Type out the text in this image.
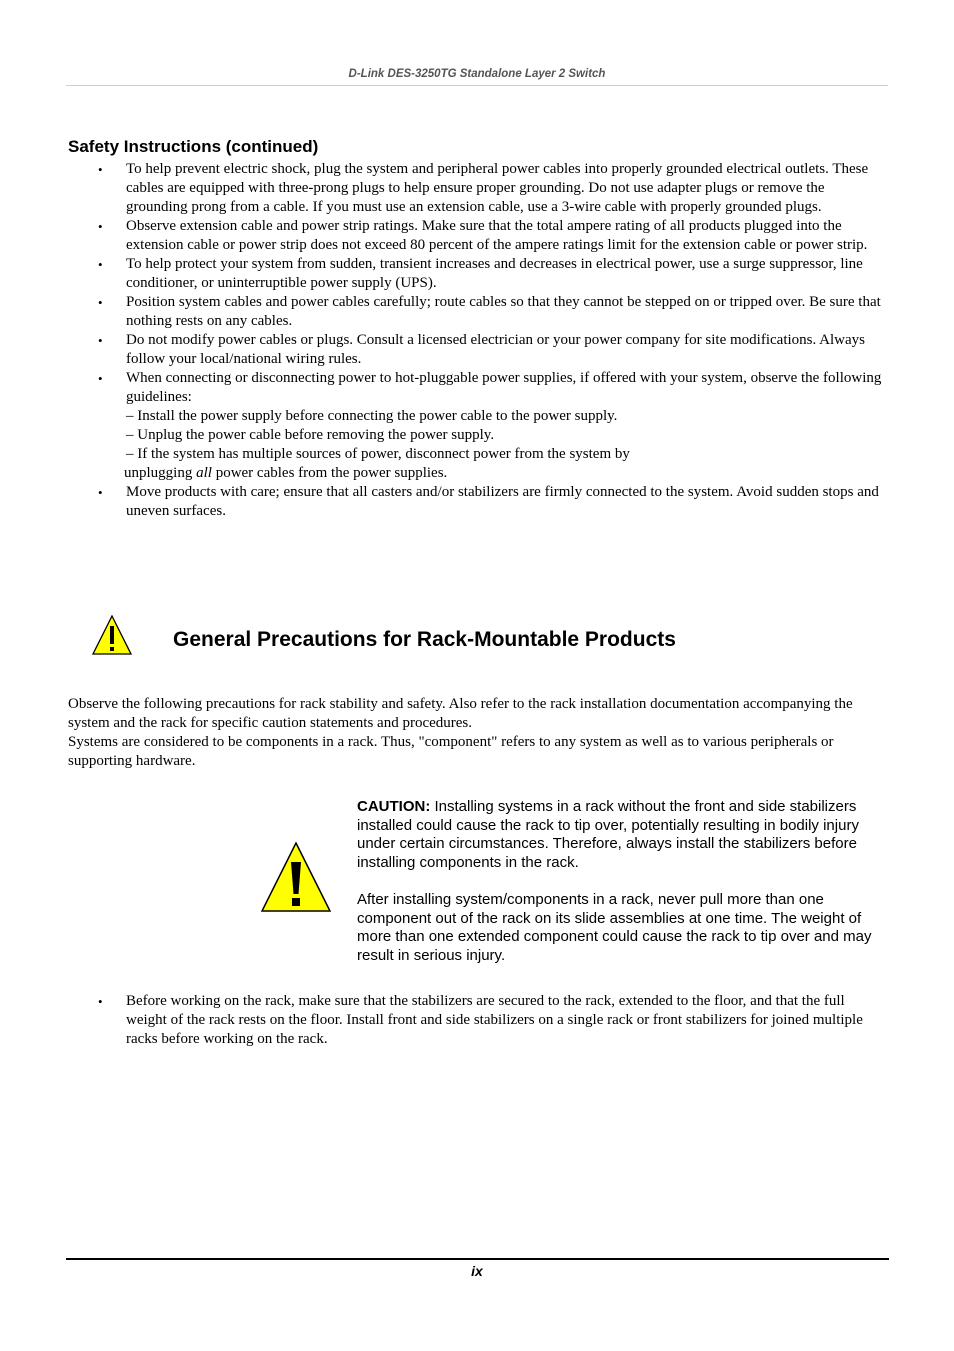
D-Link DES-3250TG Standalone Layer 2 Switch
Safety Instructions (continued)
• To help prevent electric shock, plug the system and peripheral power cables into properly grounded electrical outlets. These cables are equipped with three-prong plugs to help ensure proper grounding. Do not use adapter plugs or remove the grounding prong from a cable. If you must use an extension cable, use a 3-wire cable with properly grounded plugs.
• Observe extension cable and power strip ratings. Make sure that the total ampere rating of all products plugged into the extension cable or power strip does not exceed 80 percent of the ampere ratings limit for the extension cable or power strip.
• To help protect your system from sudden, transient increases and decreases in electrical power, use a surge suppressor, line conditioner, or uninterruptible power supply (UPS).
• Position system cables and power cables carefully; route cables so that they cannot be stepped on or tripped over. Be sure that nothing rests on any cables.
• Do not modify power cables or plugs. Consult a licensed electrician or your power company for site modifications. Always follow your local/national wiring rules.
• When connecting or disconnecting power to hot-pluggable power supplies, if offered with your system, observe the following guidelines:
– Install the power supply before connecting the power cable to the power supply.
– Unplug the power cable before removing the power supply.
– If the system has multiple sources of power, disconnect power from the system by
unplugging all power cables from the power supplies.
• Move products with care; ensure that all casters and/or stabilizers are firmly connected to the system. Avoid sudden stops and uneven surfaces.
General Precautions for Rack-Mountable Products

Observe the following precautions for rack stability and safety. Also refer to the rack installation documentation accompanying the system and the rack for specific caution statements and procedures.

Systems are considered to be components in a rack. Thus, "component" refers to any system as well as to various peripherals or supporting hardware.

CAUTION: Installing systems in a rack without the front and side stabilizers installed could cause the rack to tip over, potentially resulting in bodily injury under certain circumstances. Therefore, always install the stabilizers before installing components in the rack.

After installing system/components in a rack, never pull more than one component out of the rack on its slide assemblies at one time. The weight of more than one extended component could cause the rack to tip over and may result in serious injury.

• Before working on the rack, make sure that the stabilizers are secured to the rack, extended to the floor, and that the full weight of the rack rests on the floor. Install front and side stabilizers on a single rack or front stabilizers for joined multiple racks before working on the rack.
ix
